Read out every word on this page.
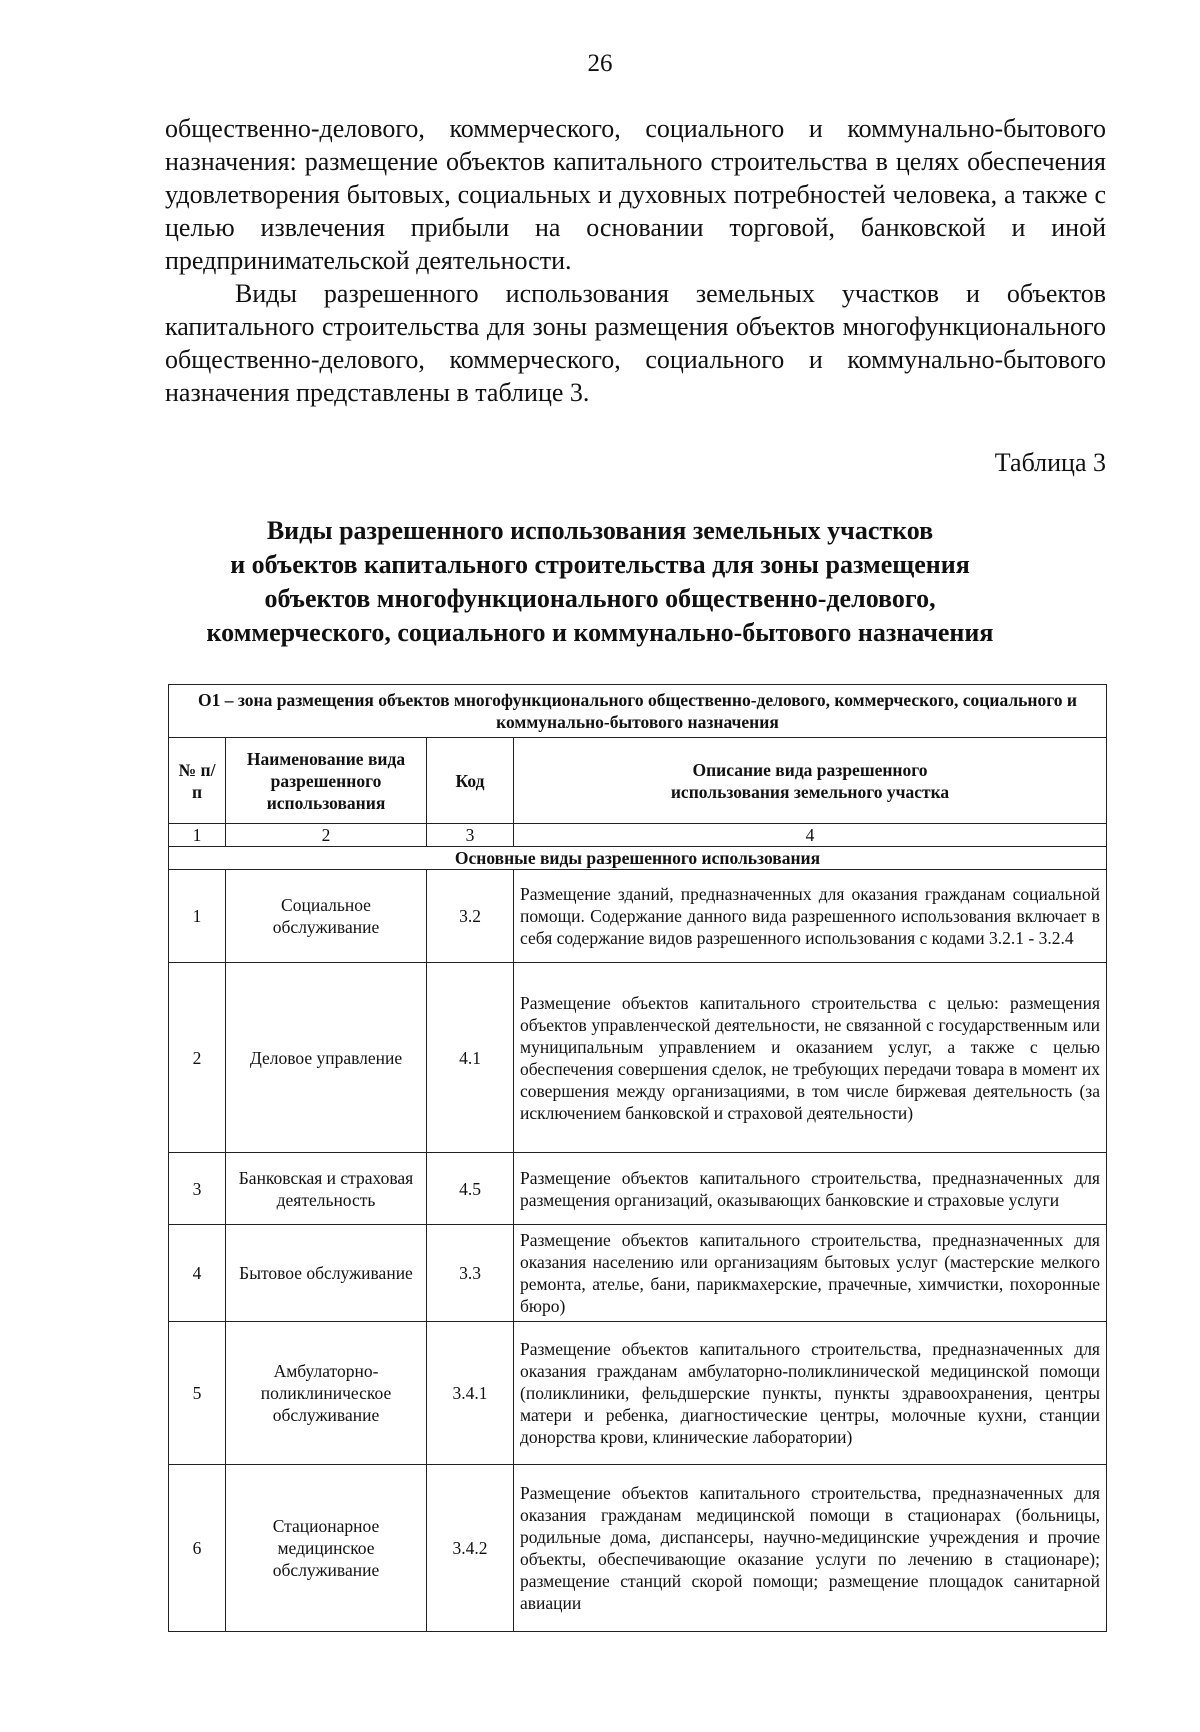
26

общественно-делового, коммерческого, социального и коммунально-бытового назначения: размещение объектов капитального строительства в целях обеспечения удовлетворения бытовых, социальных и духовных потребностей человека, а также с целью извлечения прибыли на основании торговой, банковской и иной предпринимательской деятельности.

Виды разрешенного использования земельных участков и объектов капитального строительства для зоны размещения объектов многофункционального общественно-делового, коммерческого, социального и коммунально-бытового назначения представлены в таблице 3.

Таблица 3
Виды разрешенного использования земельных участков
и объектов капитального строительства для зоны размещения
объектов многофункционального общественно-делового,
коммерческого, социального и коммунально-бытового назначения
О1 – зона размещения объектов многофункционального общественно-делового, коммерческого, социального и коммунально-бытового назначения			
№ п/п	Наименование вида разрешенного использования	Код	Описание вида разрешенного использования земельного участка
1	2	3	4
Основные виды разрешенного использования			
1	Социальное обслуживание	3.2	Размещение зданий, предназначенных для оказания гражданам социальной помощи. Содержание данного вида разрешенного использования включает в себя содержание видов разрешенного использования с кодами 3.2.1 - 3.2.4
2	Деловое управление	4.1	Размещение объектов капитального строительства с целью: размещения объектов управленческой деятельности, не связанной с государственным или муниципальным управлением и оказанием услуг, а также с целью обеспечения совершения сделок, не требующих передачи товара в момент их совершения между организациями, в том числе биржевая деятельность (за исключением банковской и страховой деятельности)
3	Банковская и страховая деятельность	4.5	Размещение объектов капитального строительства, предназначенных для размещения организаций, оказывающих банковские и страховые услуги
4	Бытовое обслуживание	3.3	Размещение объектов капитального строительства, предназначенных для оказания населению или организациям бытовых услуг (мастерские мелкого ремонта, ателье, бани, парикмахерские, прачечные, химчистки, похоронные бюро)
5	Амбулаторно-поликлиническое обслуживание	3.4.1	Размещение объектов капитального строительства, предназначенных для оказания гражданам амбулаторно-поликлинической медицинской помощи (поликлиники, фельдшерские пункты, пункты здравоохранения, центры матери и ребенка, диагностические центры, молочные кухни, станции донорства крови, клинические лаборатории)
6	Стационарное медицинское обслуживание	3.4.2	Размещение объектов капитального строительства, предназначенных для оказания гражданам медицинской помощи в стационарах (больницы, родильные дома, диспансеры, научно-медицинские учреждения и прочие объекты, обеспечивающие оказание услуги по лечению в стационаре); размещение станций скорой помощи; размещение площадок санитарной авиации
